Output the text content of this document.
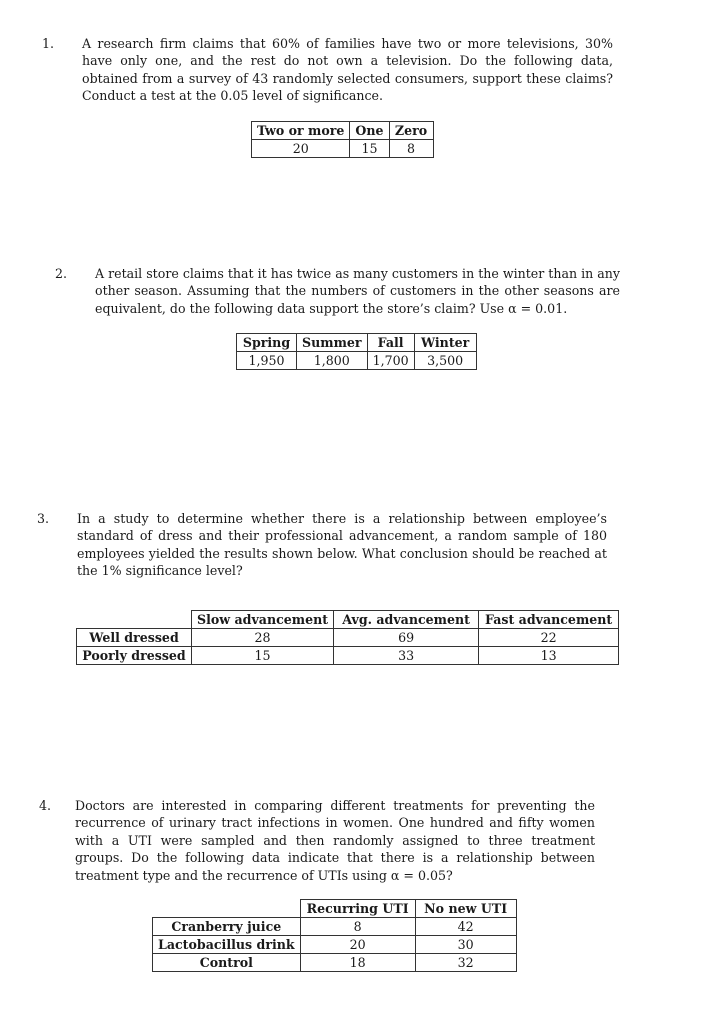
1. A research firm claims that 60% of families have two or more televisions, 30% have only one, and the rest do not own a television. Do the following data, obtained from a survey of 43 randomly selected consumers, support these claims? Conduct a test at the 0.05 level of significance.

Two or more	One	Zero
20	15	8

2. A retail store claims that it has twice as many customers in the winter than in any other season. Assuming that the numbers of customers in the other seasons are equivalent, do the following data support the store’s claim? Use α = 0.01.

Spring	Summer	Fall	Winter
1,950	1,800	1,700	3,500

3. In a study to determine whether there is a relationship between employee’s standard of dress and their professional advancement, a random sample of 180 employees yielded the results shown below. What conclusion should be reached at the 1% significance level?

	Slow advancement	Avg. advancement	Fast advancement
Well dressed	28	69	22
Poorly dressed	15	33	13

4. Doctors are interested in comparing different treatments for preventing the recurrence of urinary tract infections in women. One hundred and fifty women with a UTI were sampled and then randomly assigned to three treatment groups. Do the following data indicate that there is a relationship between treatment type and the recurrence of UTIs using α = 0.05?

	Recurring UTI	No new UTI
Cranberry juice	8	42
Lactobacillus drink	20	30
Control	18	32
